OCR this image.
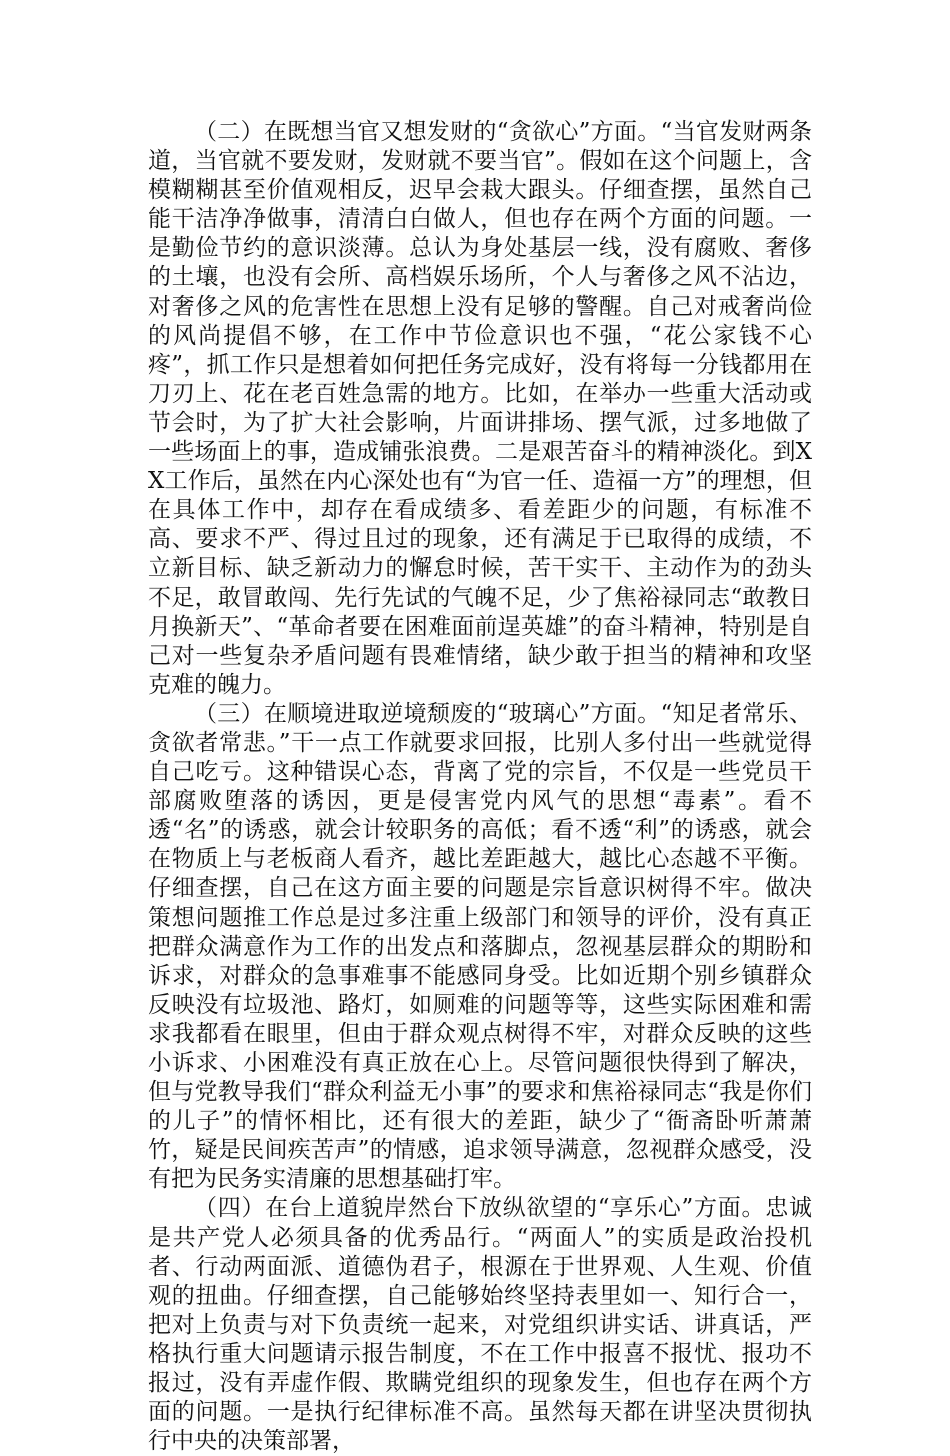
（二）在既想当官又想发财的“贪欲心”方面。“当官发财两条道，当官就不要发财，发财就不要当官”。假如在这个问题上，含模糊糊甚至价值观相反，迟早会栽大跟头。仔细查摆，虽然自己能干洁净净做事，清清白白做人，但也存在两个方面的问题。一是勤俭节约的意识淡薄。总认为身处基层一线，没有腐败、奢侈的土壤，也没有会所、高档娱乐场所，个人与奢侈之风不沾边，对奢侈之风的危害性在思想上没有足够的警醒。自己对戒奢尚俭的风尚提倡不够，在工作中节俭意识也不强，“花公家钱不心疼”，抓工作只是想着如何把任务完成好，没有将每一分钱都用在刀刃上、花在老百姓急需的地方。比如，在举办一些重大活动或节会时，为了扩大社会影响，片面讲排场、摆气派，过多地做了一些场面上的事，造成铺张浪费。二是艰苦奋斗的精神淡化。到XX工作后，虽然在内心深处也有“为官一任、造福一方”的理想，但在具体工作中，却存在看成绩多、看差距少的问题，有标准不高、要求不严、得过且过的现象，还有满足于已取得的成绩，不立新目标、缺乏新动力的懈怠时候，苦干实干、主动作为的劲头不足，敢冒敢闯、先行先试的气魄不足，少了焦裕禄同志“敢教日月换新天”、“革命者要在困难面前逞英雄”的奋斗精神，特别是自己对一些复杂矛盾问题有畏难情绪，缺少敢于担当的精神和攻坚克难的魄力。

（三）在顺境进取逆境颓废的“玻璃心”方面。“知足者常乐、贪欲者常悲。”干一点工作就要求回报，比别人多付出一些就觉得自己吃亏。这种错误心态，背离了党的宗旨，不仅是一些党员干部腐败堕落的诱因，更是侵害党内风气的思想“毒素”。看不透“名”的诱惑，就会计较职务的高低；看不透“利”的诱惑，就会在物质上与老板商人看齐，越比差距越大，越比心态越不平衡。仔细查摆，自己在这方面主要的问题是宗旨意识树得不牢。做决策想问题推工作总是过多注重上级部门和领导的评价，没有真正把群众满意作为工作的出发点和落脚点，忽视基层群众的期盼和诉求，对群众的急事难事不能感同身受。比如近期个别乡镇群众反映没有垃圾池、路灯，如厕难的问题等等，这些实际困难和需求我都看在眼里，但由于群众观点树得不牢，对群众反映的这些小诉求、小困难没有真正放在心上。尽管问题很快得到了解决，但与党教导我们“群众利益无小事”的要求和焦裕禄同志“我是你们的儿子”的情怀相比，还有很大的差距，缺少了“衙斋卧听萧萧竹，疑是民间疾苦声”的情感，追求领导满意，忽视群众感受，没有把为民务实清廉的思想基础打牢。

（四）在台上道貌岸然台下放纵欲望的“享乐心”方面。忠诚是共产党人必须具备的优秀品行。“两面人”的实质是政治投机者、行动两面派、道德伪君子，根源在于世界观、人生观、价值观的扭曲。仔细查摆，自己能够始终坚持表里如一、知行合一，把对上负责与对下负责统一起来，对党组织讲实话、讲真话，严格执行重大问题请示报告制度，不在工作中报喜不报忧、报功不报过，没有弄虚作假、欺瞒党组织的现象发生，但也存在两个方面的问题。一是执行纪律标准不高。虽然每天都在讲坚决贯彻执行中央的决策部署，
